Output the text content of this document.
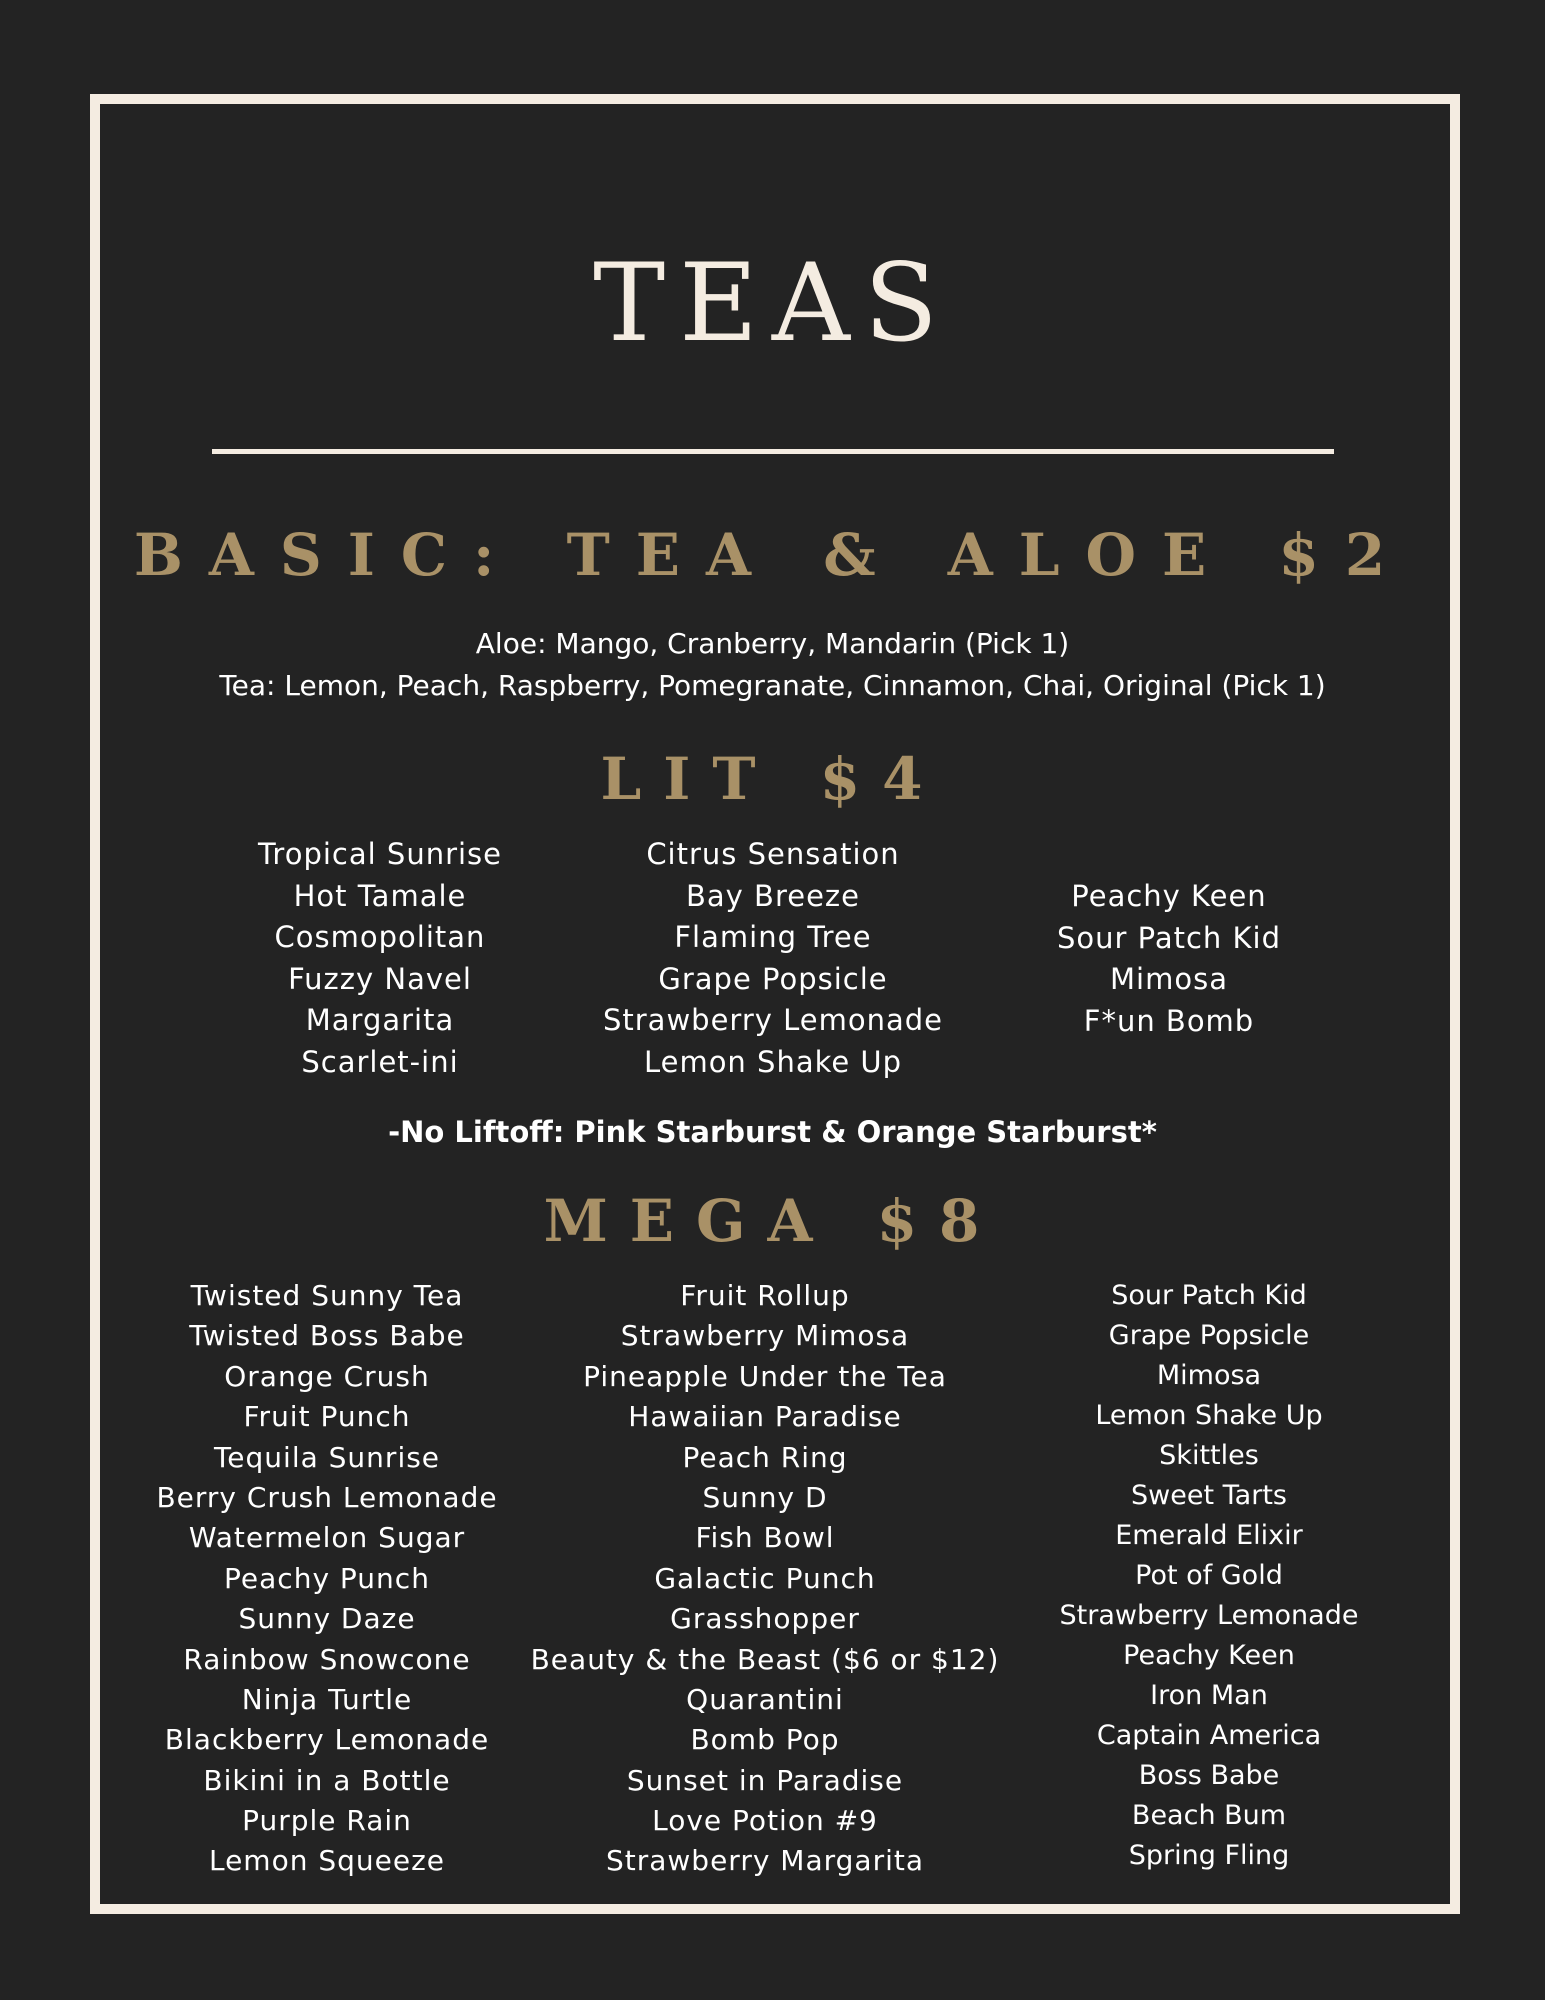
TEAS
BASIC: TEA & ALOE $2
Aloe: Mango, Cranberry, Mandarin (Pick 1)
Tea: Lemon, Peach, Raspberry, Pomegranate, Cinnamon, Chai, Original (Pick 1)
LIT $4
Tropical Sunrise
Hot Tamale
Cosmopolitan
Fuzzy Navel
Margarita
Scarlet-ini
Citrus Sensation
Bay Breeze
Flaming Tree
Grape Popsicle
Strawberry Lemonade
Lemon Shake Up
Peachy Keen
Sour Patch Kid
Mimosa
F*un Bomb
-No Liftoff: Pink Starburst & Orange Starburst*
MEGA $8
Twisted Sunny Tea
Twisted Boss Babe
Orange Crush
Fruit Punch
Tequila Sunrise
Berry Crush Lemonade
Watermelon Sugar
Peachy Punch
Sunny Daze
Rainbow Snowcone
Ninja Turtle
Blackberry Lemonade
Bikini in a Bottle
Purple Rain
Lemon Squeeze
Fruit Rollup
Strawberry Mimosa
Pineapple Under the Tea
Hawaiian Paradise
Peach Ring
Sunny D
Fish Bowl
Galactic Punch
Grasshopper
Beauty & the Beast ($6 or $12)
Quarantini
Bomb Pop
Sunset in Paradise
Love Potion #9
Strawberry Margarita
Sour Patch Kid
Grape Popsicle
Mimosa
Lemon Shake Up
Skittles
Sweet Tarts
Emerald Elixir
Pot of Gold
Strawberry Lemonade
Peachy Keen
Iron Man
Captain America
Boss Babe
Beach Bum
Spring Fling
